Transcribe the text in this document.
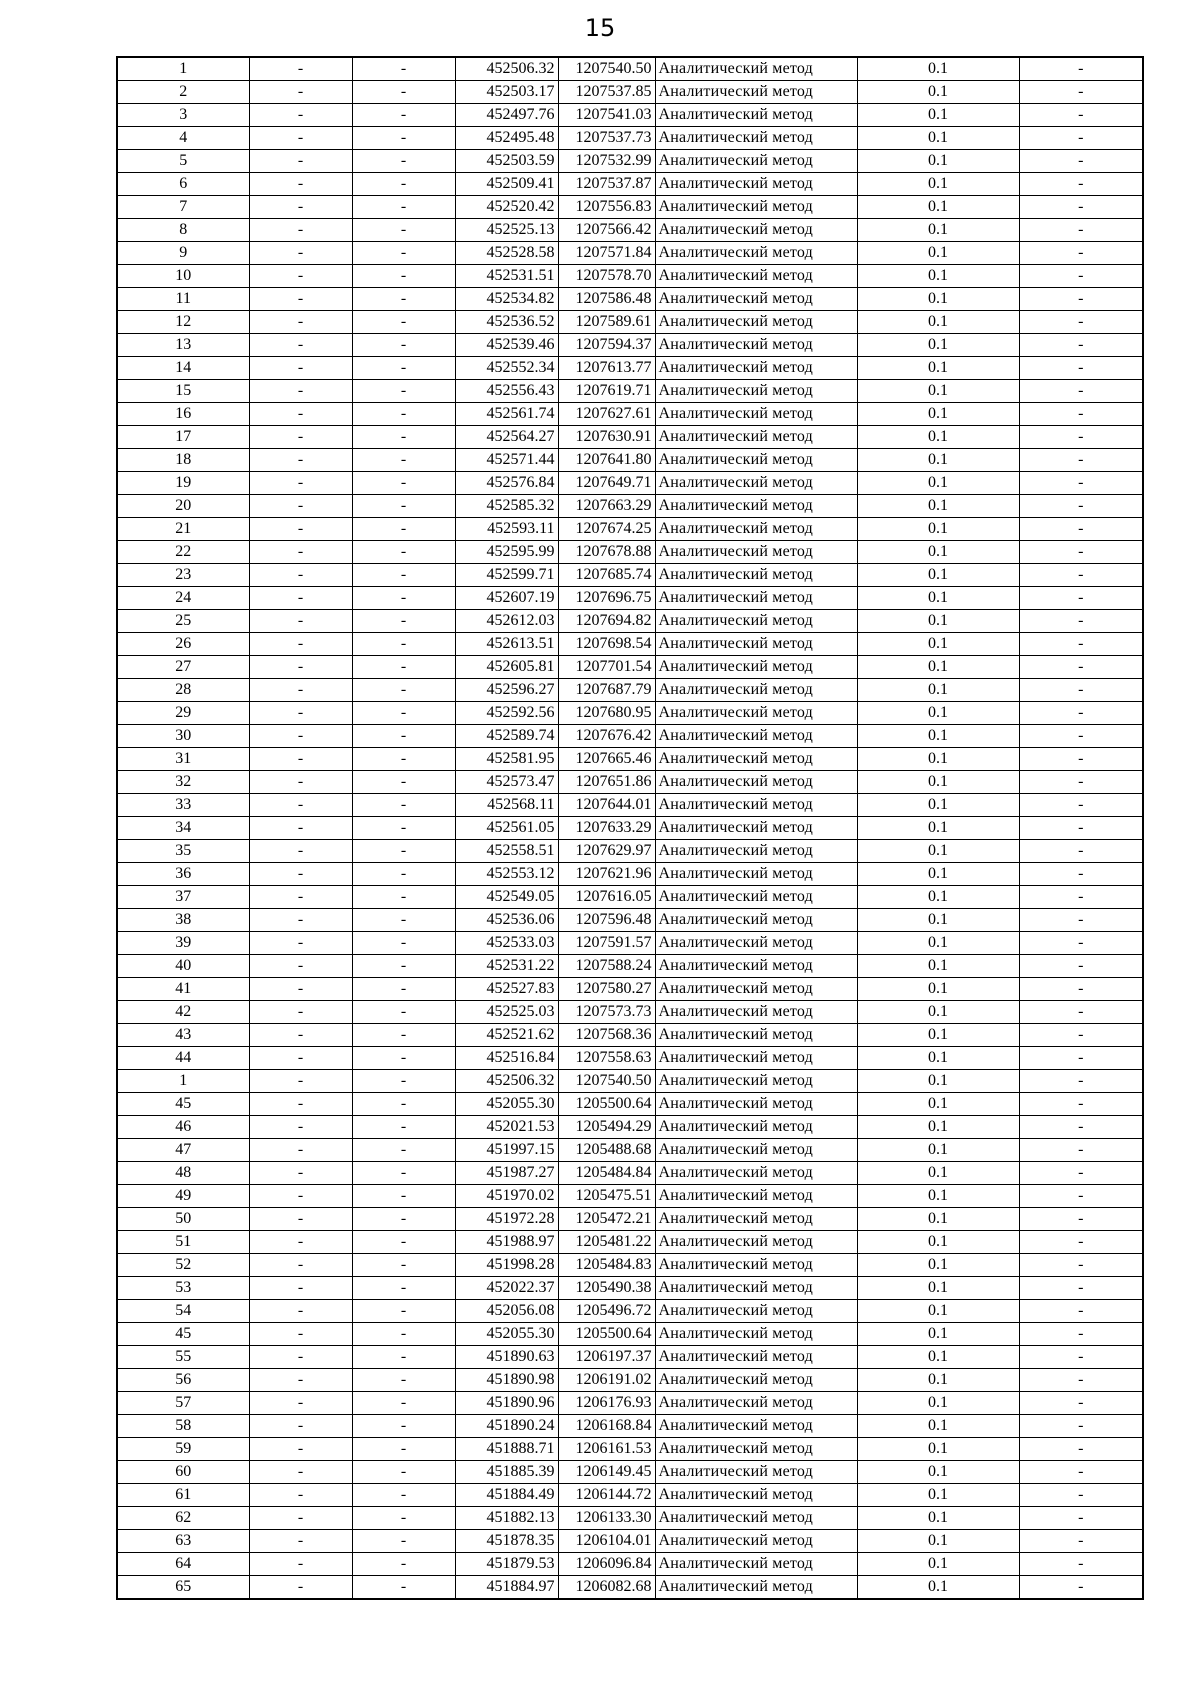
15
1	-	-	452506.32	1207540.50	Аналитический метод	0.1	-
2	-	-	452503.17	1207537.85	Аналитический метод	0.1	-
3	-	-	452497.76	1207541.03	Аналитический метод	0.1	-
4	-	-	452495.48	1207537.73	Аналитический метод	0.1	-
5	-	-	452503.59	1207532.99	Аналитический метод	0.1	-
6	-	-	452509.41	1207537.87	Аналитический метод	0.1	-
7	-	-	452520.42	1207556.83	Аналитический метод	0.1	-
8	-	-	452525.13	1207566.42	Аналитический метод	0.1	-
9	-	-	452528.58	1207571.84	Аналитический метод	0.1	-
10	-	-	452531.51	1207578.70	Аналитический метод	0.1	-
11	-	-	452534.82	1207586.48	Аналитический метод	0.1	-
12	-	-	452536.52	1207589.61	Аналитический метод	0.1	-
13	-	-	452539.46	1207594.37	Аналитический метод	0.1	-
14	-	-	452552.34	1207613.77	Аналитический метод	0.1	-
15	-	-	452556.43	1207619.71	Аналитический метод	0.1	-
16	-	-	452561.74	1207627.61	Аналитический метод	0.1	-
17	-	-	452564.27	1207630.91	Аналитический метод	0.1	-
18	-	-	452571.44	1207641.80	Аналитический метод	0.1	-
19	-	-	452576.84	1207649.71	Аналитический метод	0.1	-
20	-	-	452585.32	1207663.29	Аналитический метод	0.1	-
21	-	-	452593.11	1207674.25	Аналитический метод	0.1	-
22	-	-	452595.99	1207678.88	Аналитический метод	0.1	-
23	-	-	452599.71	1207685.74	Аналитический метод	0.1	-
24	-	-	452607.19	1207696.75	Аналитический метод	0.1	-
25	-	-	452612.03	1207694.82	Аналитический метод	0.1	-
26	-	-	452613.51	1207698.54	Аналитический метод	0.1	-
27	-	-	452605.81	1207701.54	Аналитический метод	0.1	-
28	-	-	452596.27	1207687.79	Аналитический метод	0.1	-
29	-	-	452592.56	1207680.95	Аналитический метод	0.1	-
30	-	-	452589.74	1207676.42	Аналитический метод	0.1	-
31	-	-	452581.95	1207665.46	Аналитический метод	0.1	-
32	-	-	452573.47	1207651.86	Аналитический метод	0.1	-
33	-	-	452568.11	1207644.01	Аналитический метод	0.1	-
34	-	-	452561.05	1207633.29	Аналитический метод	0.1	-
35	-	-	452558.51	1207629.97	Аналитический метод	0.1	-
36	-	-	452553.12	1207621.96	Аналитический метод	0.1	-
37	-	-	452549.05	1207616.05	Аналитический метод	0.1	-
38	-	-	452536.06	1207596.48	Аналитический метод	0.1	-
39	-	-	452533.03	1207591.57	Аналитический метод	0.1	-
40	-	-	452531.22	1207588.24	Аналитический метод	0.1	-
41	-	-	452527.83	1207580.27	Аналитический метод	0.1	-
42	-	-	452525.03	1207573.73	Аналитический метод	0.1	-
43	-	-	452521.62	1207568.36	Аналитический метод	0.1	-
44	-	-	452516.84	1207558.63	Аналитический метод	0.1	-
1	-	-	452506.32	1207540.50	Аналитический метод	0.1	-
45	-	-	452055.30	1205500.64	Аналитический метод	0.1	-
46	-	-	452021.53	1205494.29	Аналитический метод	0.1	-
47	-	-	451997.15	1205488.68	Аналитический метод	0.1	-
48	-	-	451987.27	1205484.84	Аналитический метод	0.1	-
49	-	-	451970.02	1205475.51	Аналитический метод	0.1	-
50	-	-	451972.28	1205472.21	Аналитический метод	0.1	-
51	-	-	451988.97	1205481.22	Аналитический метод	0.1	-
52	-	-	451998.28	1205484.83	Аналитический метод	0.1	-
53	-	-	452022.37	1205490.38	Аналитический метод	0.1	-
54	-	-	452056.08	1205496.72	Аналитический метод	0.1	-
45	-	-	452055.30	1205500.64	Аналитический метод	0.1	-
55	-	-	451890.63	1206197.37	Аналитический метод	0.1	-
56	-	-	451890.98	1206191.02	Аналитический метод	0.1	-
57	-	-	451890.96	1206176.93	Аналитический метод	0.1	-
58	-	-	451890.24	1206168.84	Аналитический метод	0.1	-
59	-	-	451888.71	1206161.53	Аналитический метод	0.1	-
60	-	-	451885.39	1206149.45	Аналитический метод	0.1	-
61	-	-	451884.49	1206144.72	Аналитический метод	0.1	-
62	-	-	451882.13	1206133.30	Аналитический метод	0.1	-
63	-	-	451878.35	1206104.01	Аналитический метод	0.1	-
64	-	-	451879.53	1206096.84	Аналитический метод	0.1	-
65	-	-	451884.97	1206082.68	Аналитический метод	0.1	-
